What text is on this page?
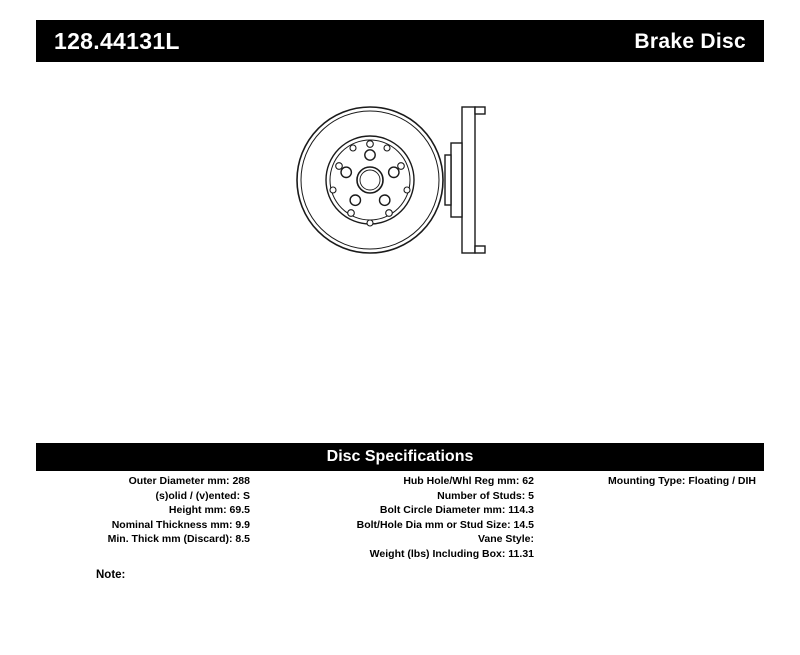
128.44131L	Brake Disc
Disc Specifications
Outer Diameter mm: 288
(s)olid / (v)ented: S
Height mm: 69.5
Nominal Thickness mm: 9.9
Min. Thick mm (Discard): 8.5
Hub Hole/Whl Reg mm: 62
Number of Studs: 5
Bolt Circle Diameter mm: 114.3
Bolt/Hole Dia mm or Stud Size: 14.5
Vane Style:
Weight (lbs) Including Box: 11.31
Mounting Type: Floating / DIH
Note:
